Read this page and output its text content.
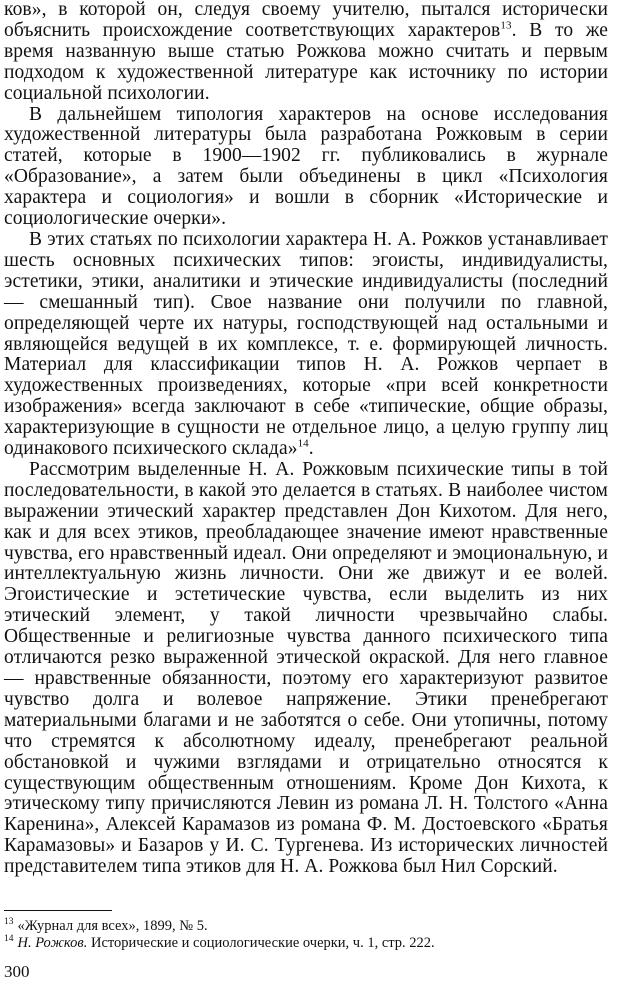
ков», в которой он, следуя своему учителю, пытался исторически объяснить происхождение соответствующих характеров$^{13}$. В то же время названную выше статью Рожкова можно считать и первым подходом к художественной литературе как источнику по истории социальной психологии.

В дальнейшем типология характеров на основе исследования художественной литературы была разработана Рожковым в серии статей, которые в 1900—1902 гг. публиковались в журнале «Образование», а затем были объединены в цикл «Психология характера и социология» и вошли в сборник «Исторические и социологические очерки».

В этих статьях по психологии характера Н. А. Рожков устанавливает шесть основных психических типов: эгоисты, индивидуалисты, эстетики, этики, аналитики и этические индивидуалисты (последний — смешанный тип). Свое название они получили по главной, определяющей черте их натуры, господствующей над остальными и являющейся ведущей в их комплексе, т. е. формирующей личность. Материал для классификации типов Н. А. Рожков черпает в художественных произведениях, которые «при всей конкретности изображения» всегда заключают в себе «типические, общие образы, характеризующие в сущности не отдельное лицо, а целую группу лиц одинакового психического склада»$^{14}$.

Рассмотрим выделенные Н. А. Рожковым психические типы в той последовательности, в какой это делается в статьях. В наиболее чистом выражении этический характер представлен Дон Кихотом. Для него, как и для всех этиков, преобладающее значение имеют нравственные чувства, его нравственный идеал. Они определяют и эмоциональную, и интеллектуальную жизнь личности. Они же движут и ее волей. Эгоистические и эстетические чувства, если выделить из них этический элемент, у такой личности чрезвычайно слабы. Общественные и религиозные чувства данного психического типа отличаются резко выраженной этической окраской. Для него главное — нравственные обязанности, поэтому его характеризуют развитое чувство долга и волевое напряжение. Этики пренебрегают материальными благами и не заботятся о себе. Они утопичны, потому что стремятся к абсолютному идеалу, пренебрегают реальной обстановкой и чужими взглядами и отрицательно относятся к существующим общественным отношениям. Кроме Дон Кихота, к этическому типу причисляются Левин из романа Л. Н. Толстого «Анна Каренина», Алексей Карамазов из романа Ф. М. Достоевского «Братья Карамазовы» и Базаров у И. С. Тургенева. Из исторических личностей представителем типа этиков для Н. А. Рожкова был Нил Сорский.

$^{13}$ «Журнал для всех», 1899, № 5.

$^{14}$ Н. Рожков. Исторические и социологические очерки, ч. 1, стр. 222.

300
